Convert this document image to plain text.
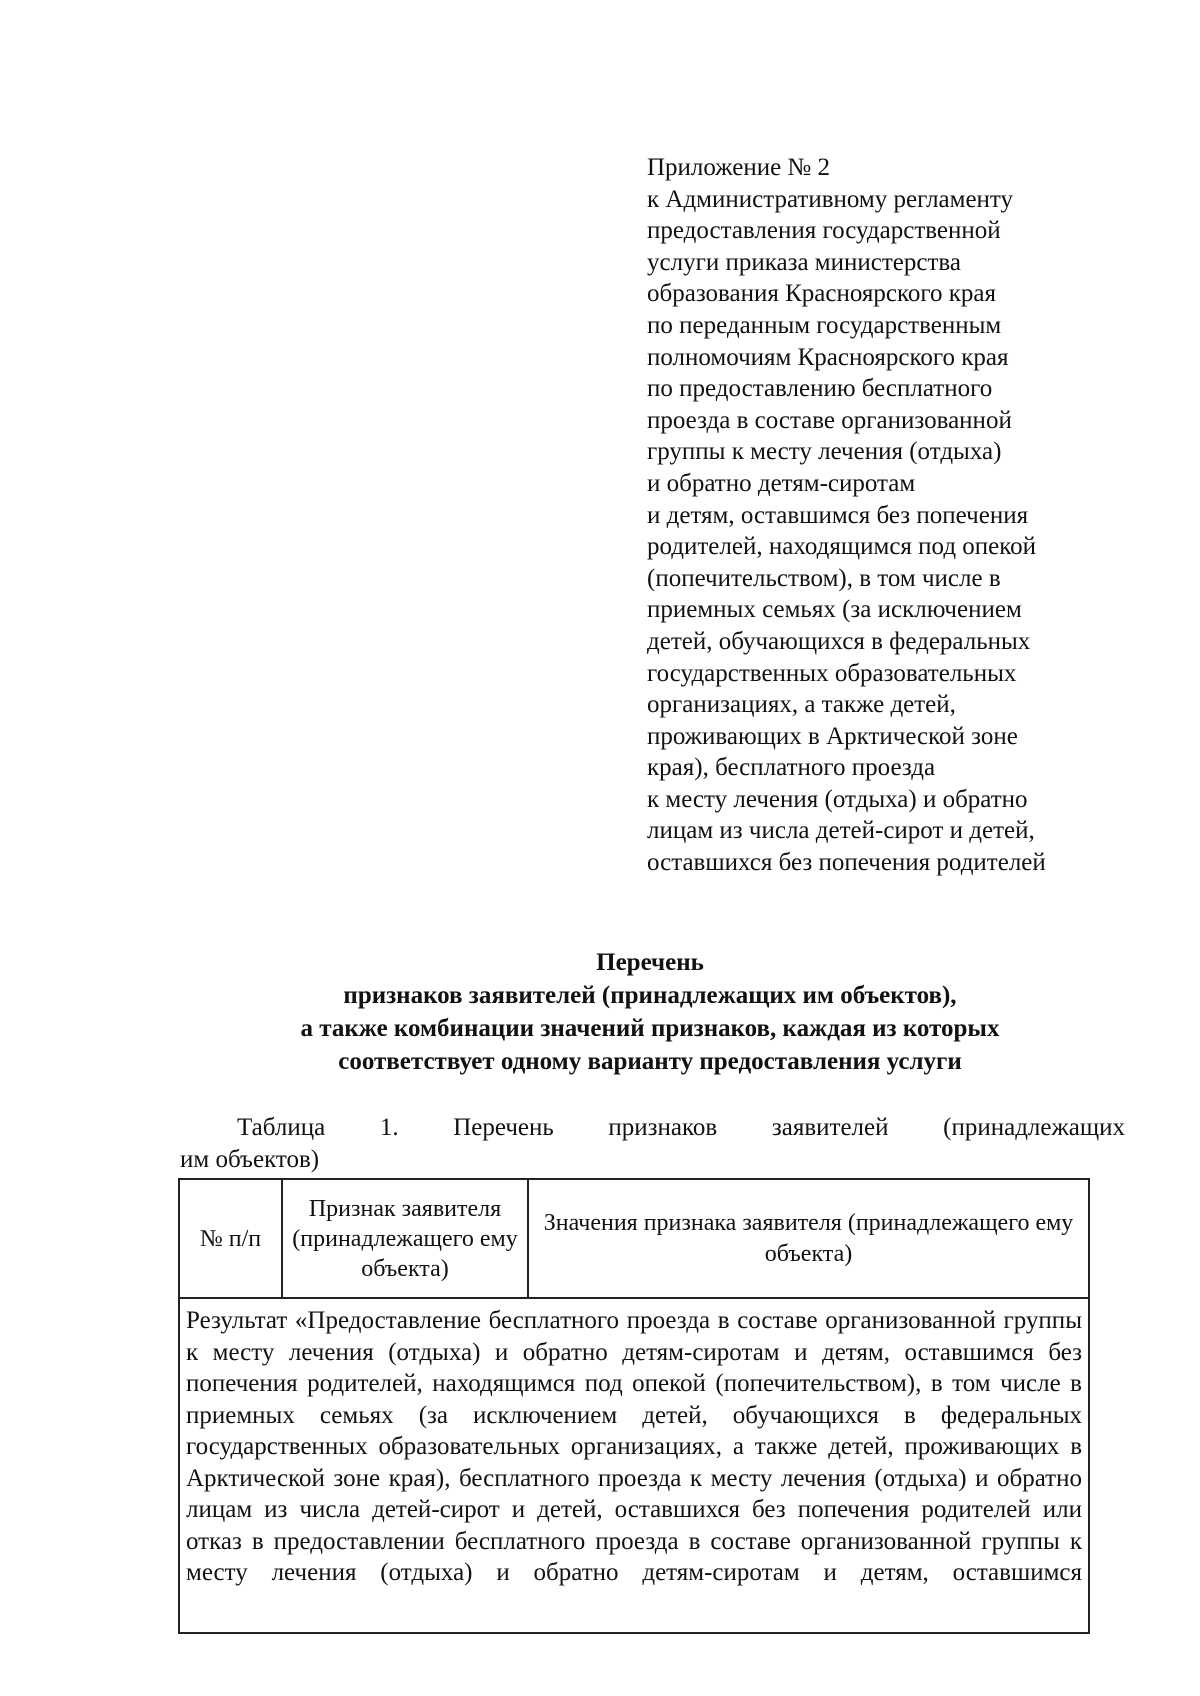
Приложение № 2
к Административному регламенту
предоставления государственной
услуги приказа министерства
образования Красноярского края
по переданным государственным
полномочиям Красноярского края
по предоставлению бесплатного
проезда в составе организованной
группы к месту лечения (отдыха)
и обратно детям-сиротам
и детям, оставшимся без попечения
родителей, находящимся под опекой
(попечительством), в том числе в
приемных семьях (за исключением
детей, обучающихся в федеральных
государственных образовательных
организациях, а также детей,
проживающих в Арктической зоне
края), бесплатного проезда
к месту лечения (отдыха) и обратно
лицам из числа детей-сирот и детей,
оставшихся без попечения родителей
Перечень
признаков заявителей (принадлежащих им объектов),
а также комбинации значений признаков, каждая из которых
соответствует одному варианту предоставления услуги
Таблица 1. Перечень признаков заявителей (принадлежащих
им объектов)
№ п/п
Признак заявителя (принадлежащего ему объекта)
Значения признака заявителя (принадлежащего ему объекта)

Результат «Предоставление бесплатного проезда в составе организованной группы к месту лечения (отдыха) и обратно детям-сиротам и детям, оставшимся без попечения родителей, находящимся под опекой (попечительством), в том числе в приемных семьях (за исключением детей, обучающихся в федеральных государственных образовательных организациях, а также детей, проживающих в Арктической зоне края), бесплатного проезда к месту лечения (отдыха) и обратно лицам из числа детей-сирот и детей, оставшихся без попечения родителей или отказ в предоставлении бесплатного проезда в составе организованной группы к месту лечения (отдыха) и обратно детям-сиротам и детям, оставшимся
